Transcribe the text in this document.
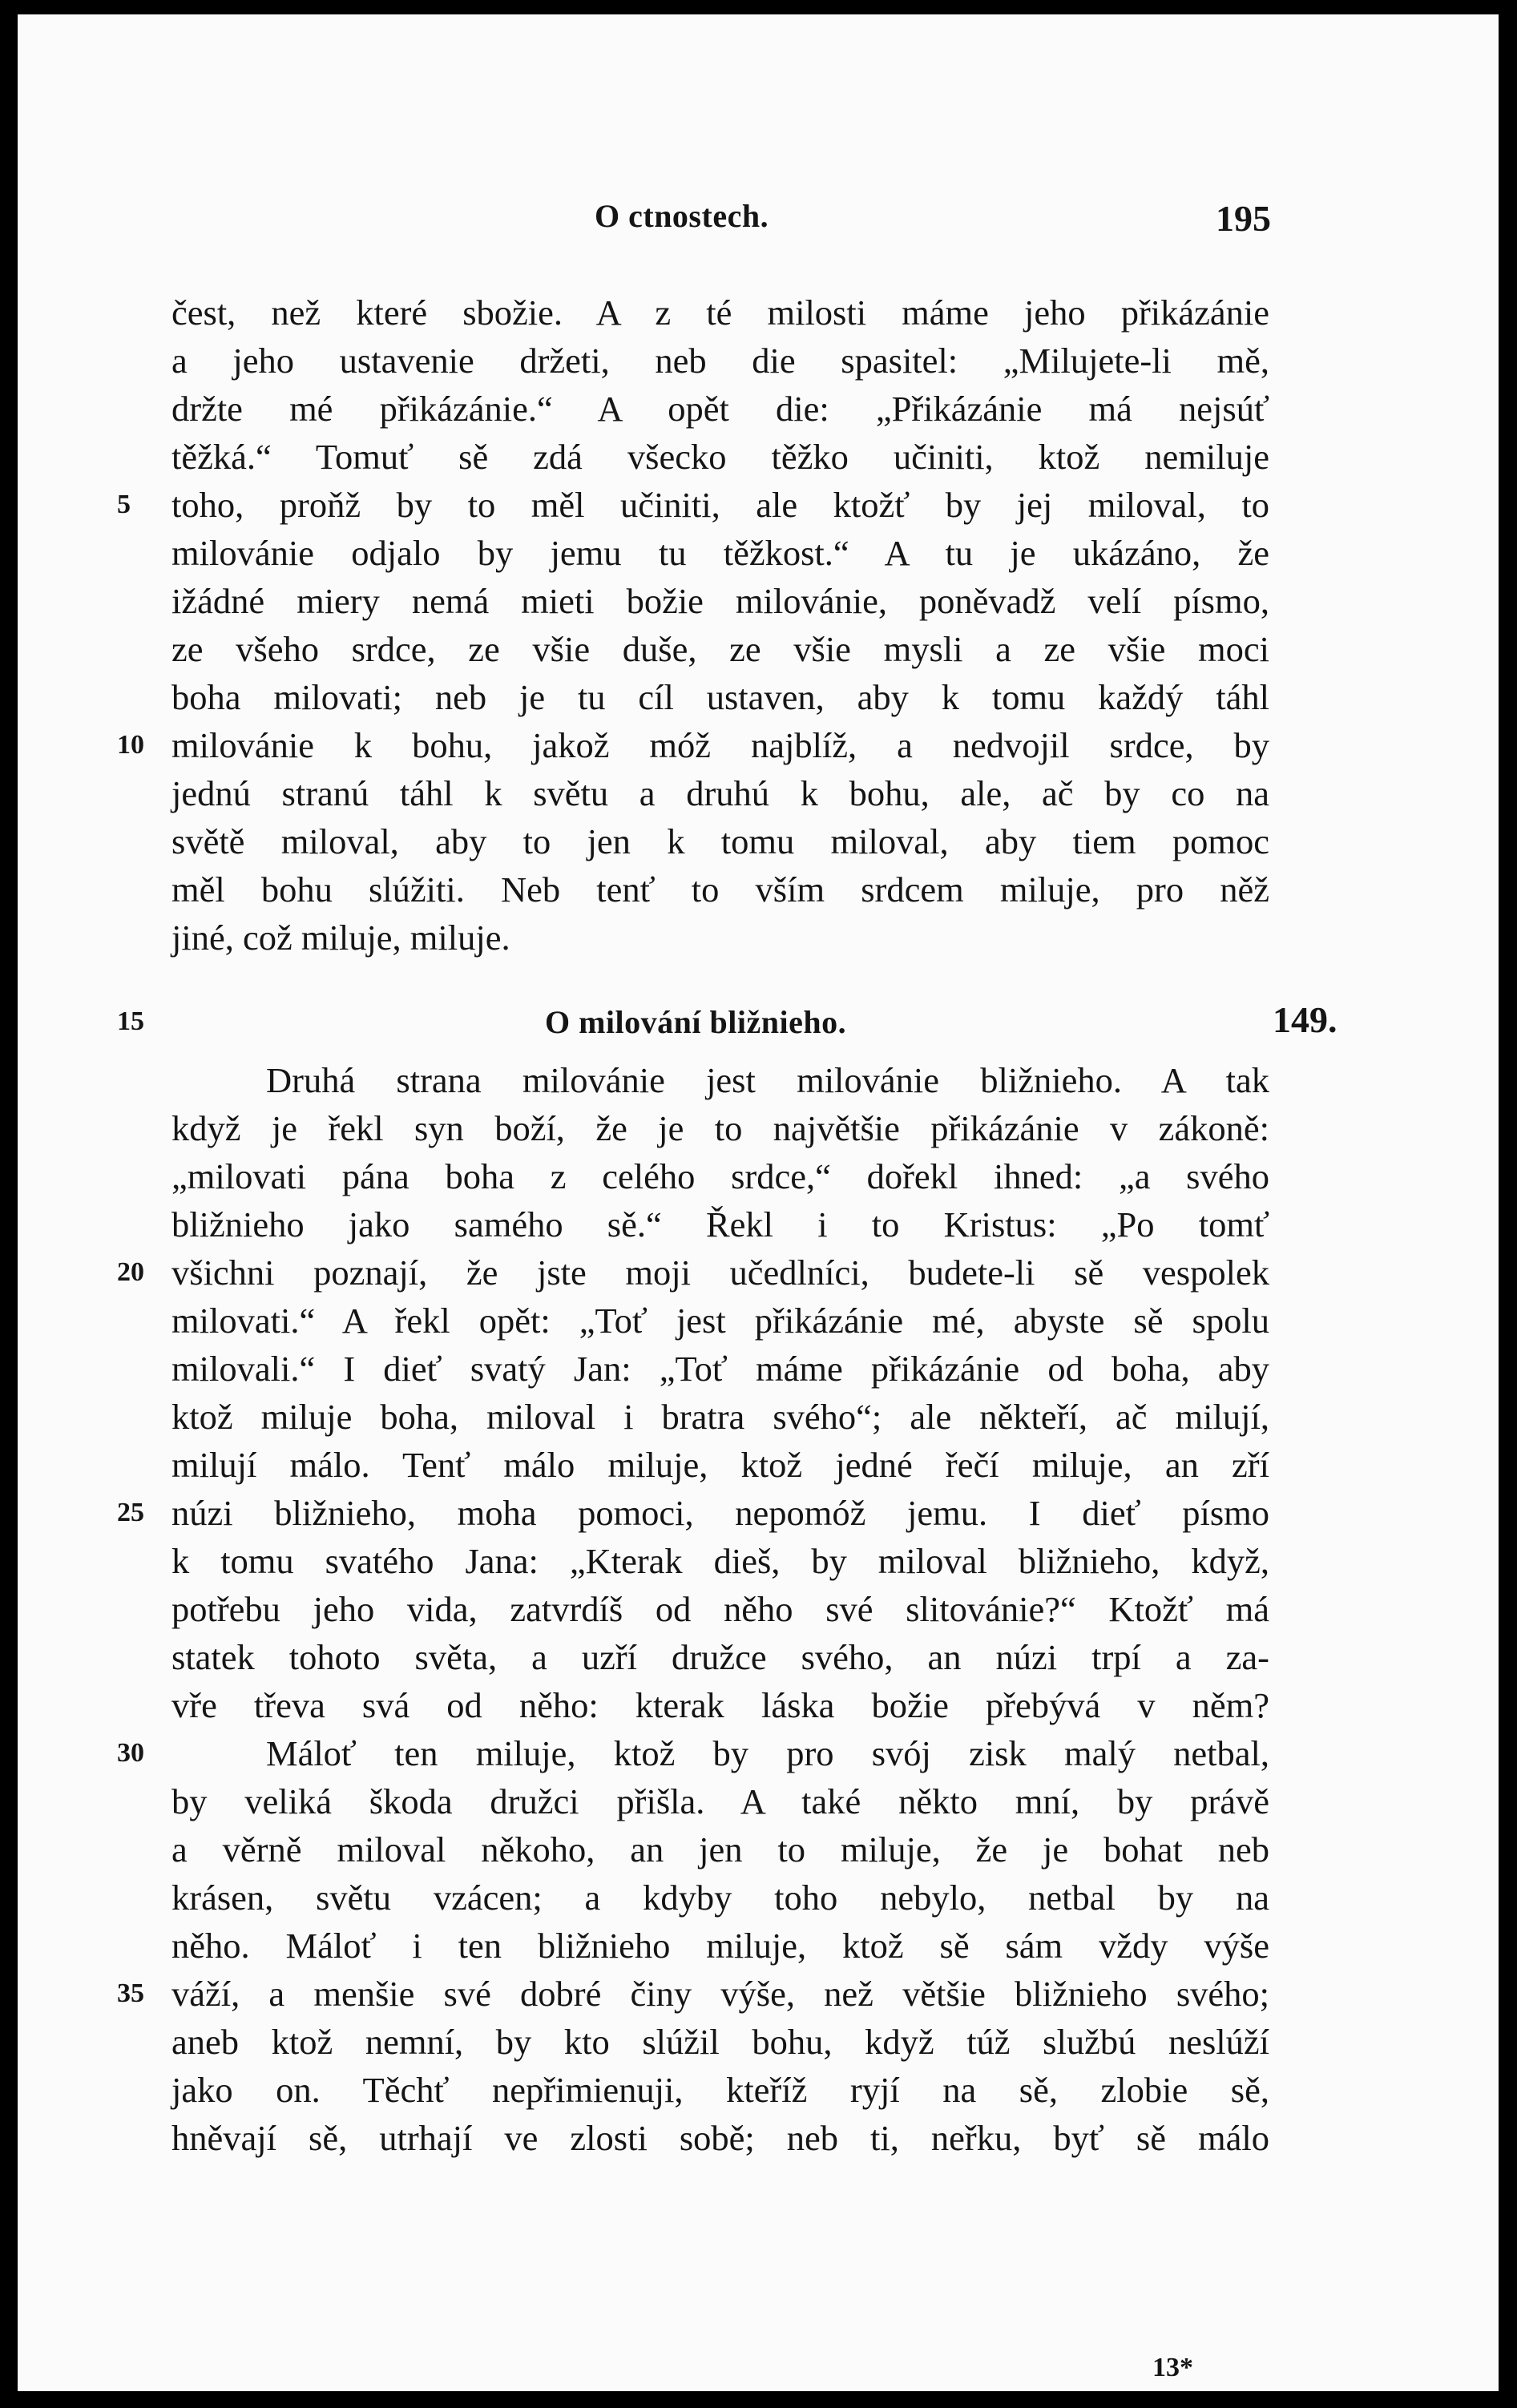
O ctnostech.	195
čest, než které sbožie. A z té milosti máme jeho přikázánie
a jeho ustavenie držeti, neb die spasitel: „Milujete-li mě,
držte mé přikázánie.“ A opět die: „Přikázánie má nejsúť
těžká.“ Tomuť sě zdá všecko těžko učiniti, ktož nemiluje
5	toho, proňž by to měl učiniti, ale ktožť by jej miloval, to
milovánie odjalo by jemu tu těžkost.“ A tu je ukázáno, že
ižádné miery nemá mieti božie milovánie, poněvadž velí písmo,
ze všeho srdce, ze všie duše, ze všie mysli a ze všie moci
boha milovati; neb je tu cíl ustaven, aby k tomu každý táhl
10 milovánie k bohu, jakož móž najblíž, a nedvojil srdce, by
jednú stranú táhl k světu a druhú k bohu, ale, ač by co na
světě miloval, aby to jen k tomu miloval, aby tiem pomoc
měl bohu slúžiti. Neb tenť to vším srdcem miluje, pro něž
jiné, což miluje, miluje.
15	O milování bližnieho.	149.
Druhá strana milovánie jest milovánie bližnieho. A tak
když je řekl syn boží, že je to najvětšie přikázánie v zákoně:
„milovati pána boha z celého srdce,“ dořekl ihned: „a svého
bližnieho jako samého sě.“ Řekl i to Kristus: „Po tomť
20 všichni poznají, že jste moji učedlníci, budete-li sě vespolek
milovati.“ A řekl opět: „Toť jest přikázánie mé, abyste sě spolu
milovali.“ I dieť svatý Jan: „Toť máme přikázánie od boha, aby
ktož miluje boha, miloval i bratra svého“; ale někteří, ač milují,
milují málo. Tenť málo miluje, ktož jedné řečí miluje, an zří
25 núzi bližnieho, moha pomoci, nepomóž jemu. I dieť písmo
k tomu svatého Jana: „Kterak dieš, by miloval bližnieho, když,
potřebu jeho vida, zatvrdíš od něho své slitovánie?“ Ktožť má
statek tohoto světa, a uzří družce svého, an núzi trpí a za-
vře třeva svá od něho: kterak láska božie přebývá v něm?
30	Máloť ten miluje, ktož by pro svój zisk malý netbal,
by veliká škoda družci přišla. A také někto mní, by právě
a věrně miloval někoho, an jen to miluje, že je bohat neb
krásen, světu vzácen; a kdyby toho nebylo, netbal by na
něho. Málоť i ten bližnieho miluje, ktož sě sám vždy výše
35 váží, a menšie své dobré činy výše, než většie bližnieho svého;
aneb ktož nemní, by kto slúžil bohu, když túž službú neslúží
jako on. Těchť nepřimienuji, kteříž ryjí na sě, zlobie sě,
hněvají sě, utrhají ve zlosti sobě; neb ti, neřku, byť sě málo
13*
